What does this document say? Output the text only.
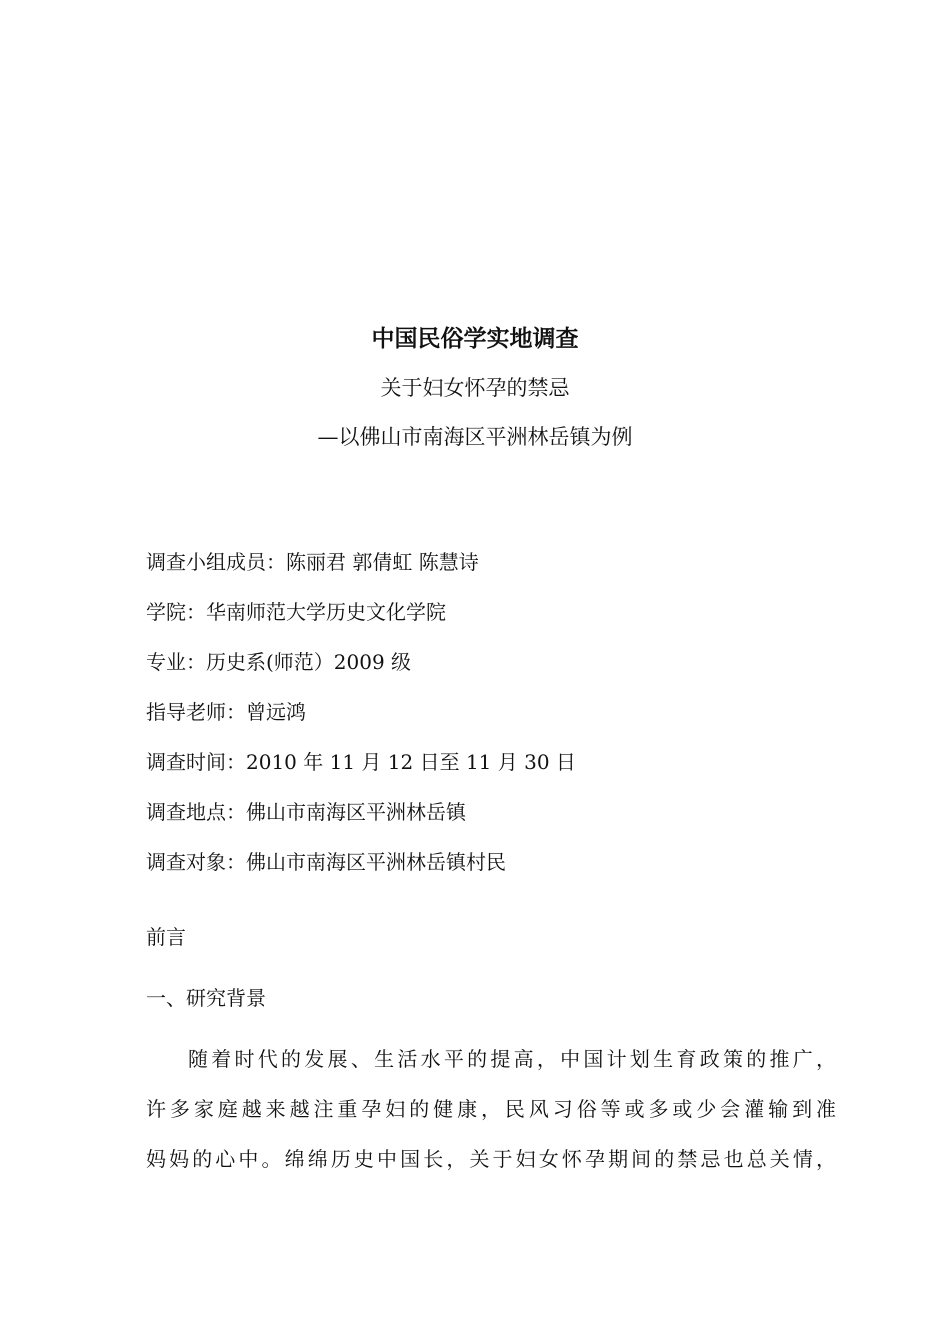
中国民俗学实地调查
关于妇女怀孕的禁忌
—以佛山市南海区平洲林岳镇为例
调查小组成员：陈丽君 郭倩虹 陈慧诗
学院：华南师范大学历史文化学院
专业：历史系(师范）2009 级
指导老师：曾远鸿
调查时间：2010 年 11 月 12 日至 11 月 30 日
调查地点：佛山市南海区平洲林岳镇
调查对象：佛山市南海区平洲林岳镇村民
前言
一、研究背景
随着时代的发展、生活水平的提高，中国计划生育政策的推广，
许多家庭越来越注重孕妇的健康，民风习俗等或多或少会灌输到准
妈妈的心中。绵绵历史中国长，关于妇女怀孕期间的禁忌也总关情，
